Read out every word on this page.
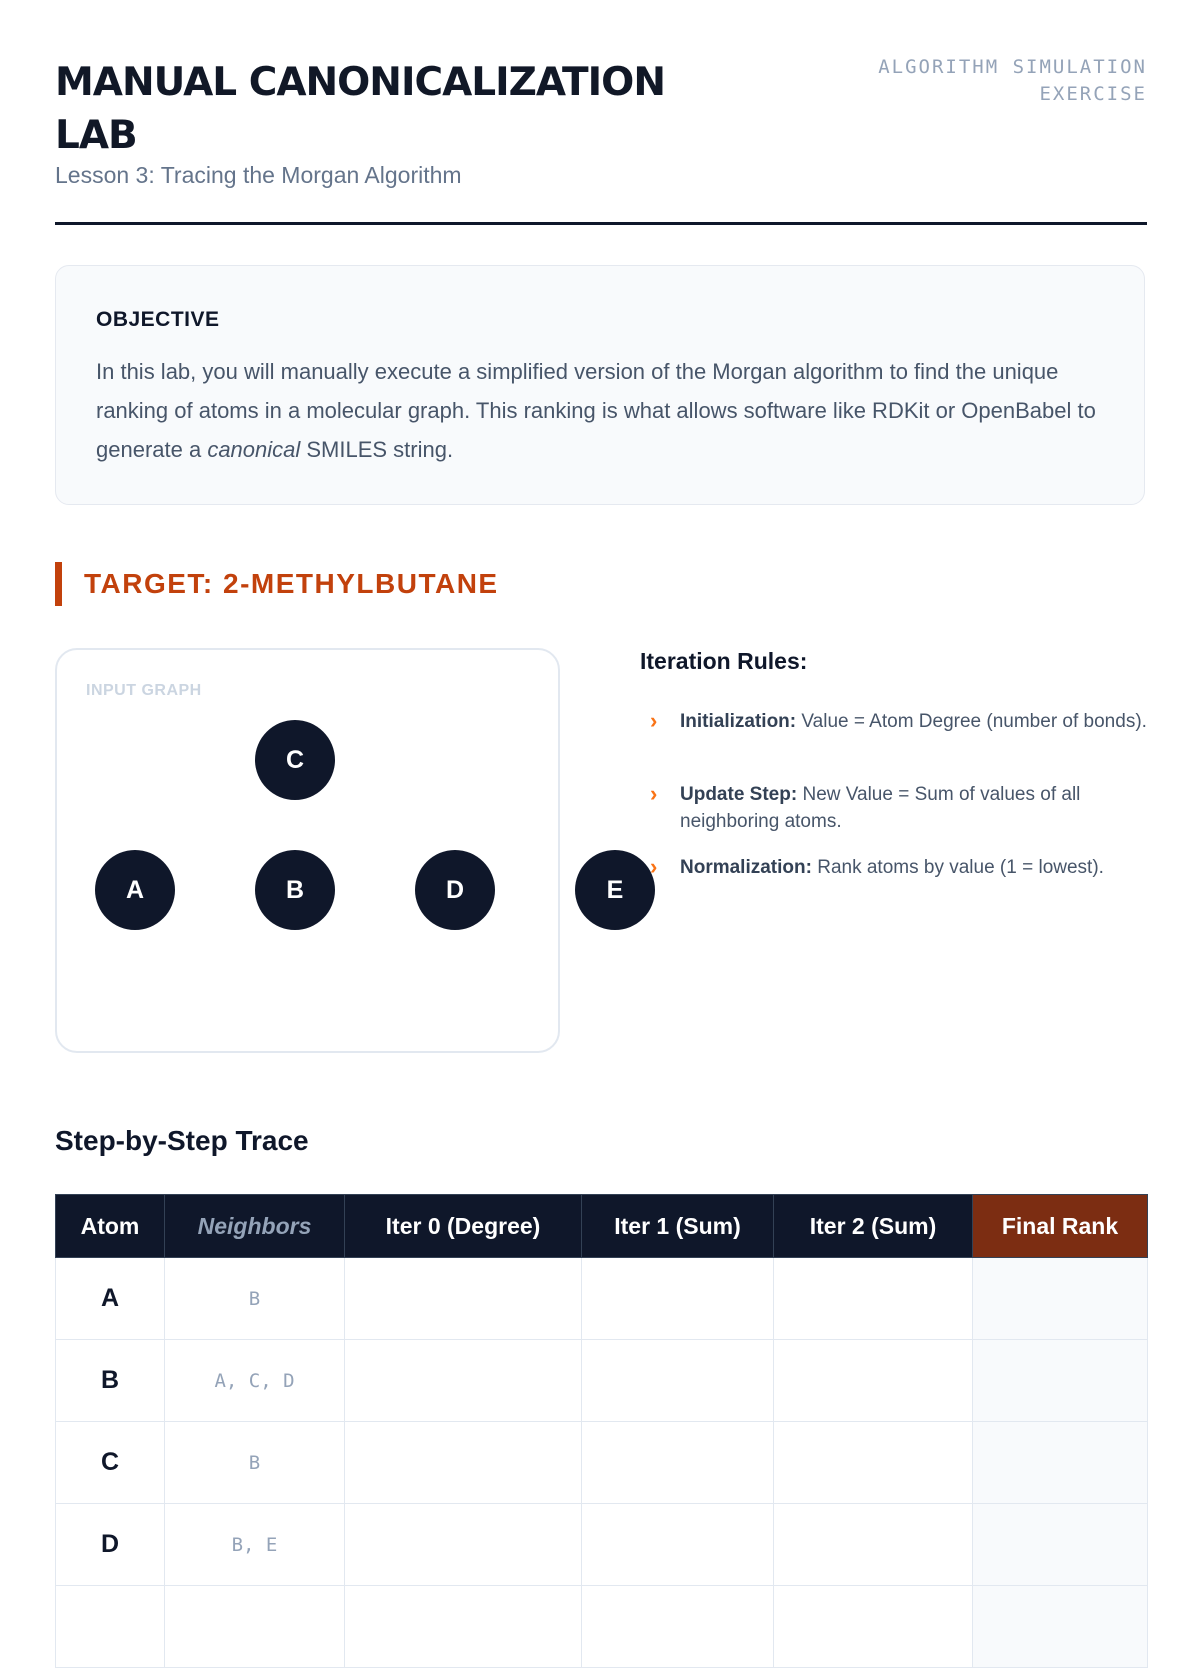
MANUAL CANONICALIZATION LAB
Lesson 3: Tracing the Morgan Algorithm
ALGORITHM SIMULATION EXERCISE
OBJECTIVE
In this lab, you will manually execute a simplified version of the Morgan algorithm to find the unique ranking of atoms in a molecular graph. This ranking is what allows software like RDKit or OpenBabel to generate a canonical SMILES string.
TARGET: 2-METHYLBUTANE
INPUT GRAPH
C
A	B	D	E
Iteration Rules:
› Initialization: Value = Atom Degree (number of bonds).
› Update Step: New Value = Sum of values of all neighboring atoms.
› Normalization: Rank atoms by value (1 = lowest).
Step-by-Step Trace
Atom	Neighbors	Iter 0 (Degree)	Iter 1 (Sum)	Iter 2 (Sum)	Final Rank
A	B				
B	A, C, D				
C	B				
D	B, E				
